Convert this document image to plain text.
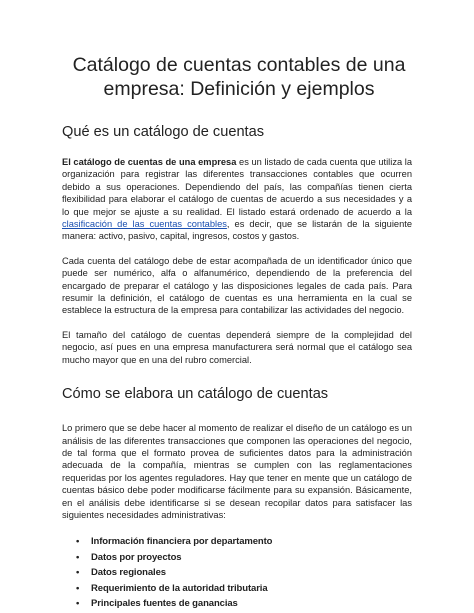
Catálogo de cuentas contables de una empresa: Definición y ejemplos
Qué es un catálogo de cuentas

El catálogo de cuentas de una empresa es un listado de cada cuenta que utiliza la organización para registrar las diferentes transacciones contables que ocurren debido a sus operaciones. Dependiendo del país, las compañías tienen cierta flexibilidad para elaborar el catálogo de cuentas de acuerdo a sus necesidades y a lo que mejor se ajuste a su realidad. El listado estará ordenado de acuerdo a la clasificación de las cuentas contables, es decir, que se listarán de la siguiente manera: activo, pasivo, capital, ingresos, costos y gastos.

Cada cuenta del catálogo debe de estar acompañada de un identificador único que puede ser numérico, alfa o alfanumérico, dependiendo de la preferencia del encargado de preparar el catálogo y las disposiciones legales de cada país. Para resumir la definición, el catálogo de cuentas es una herramienta en la cual se establece la estructura de la empresa para contabilizar las actividades del negocio.

El tamaño del catálogo de cuentas dependerá siempre de la complejidad del negocio, así pues en una empresa manufacturera será normal que el catálogo sea mucho mayor que en una del rubro comercial.

Cómo se elabora un catálogo de cuentas

Lo primero que se debe hacer al momento de realizar el diseño de un catálogo es un análisis de las diferentes transacciones que componen las operaciones del negocio, de tal forma que el formato provea de suficientes datos para la administración adecuada de la compañía, mientras se cumplen con las reglamentaciones requeridas por los agentes reguladores. Hay que tener en mente que un catálogo de cuentas básico debe poder modificarse fácilmente para su expansión. Básicamente, en el análisis debe identificarse si se desean recopilar datos para satisfacer las siguientes necesidades administrativas:

• Información financiera por departamento
• Datos por proyectos
• Datos regionales
• Requerimiento de la autoridad tributaria
• Principales fuentes de ganancias
